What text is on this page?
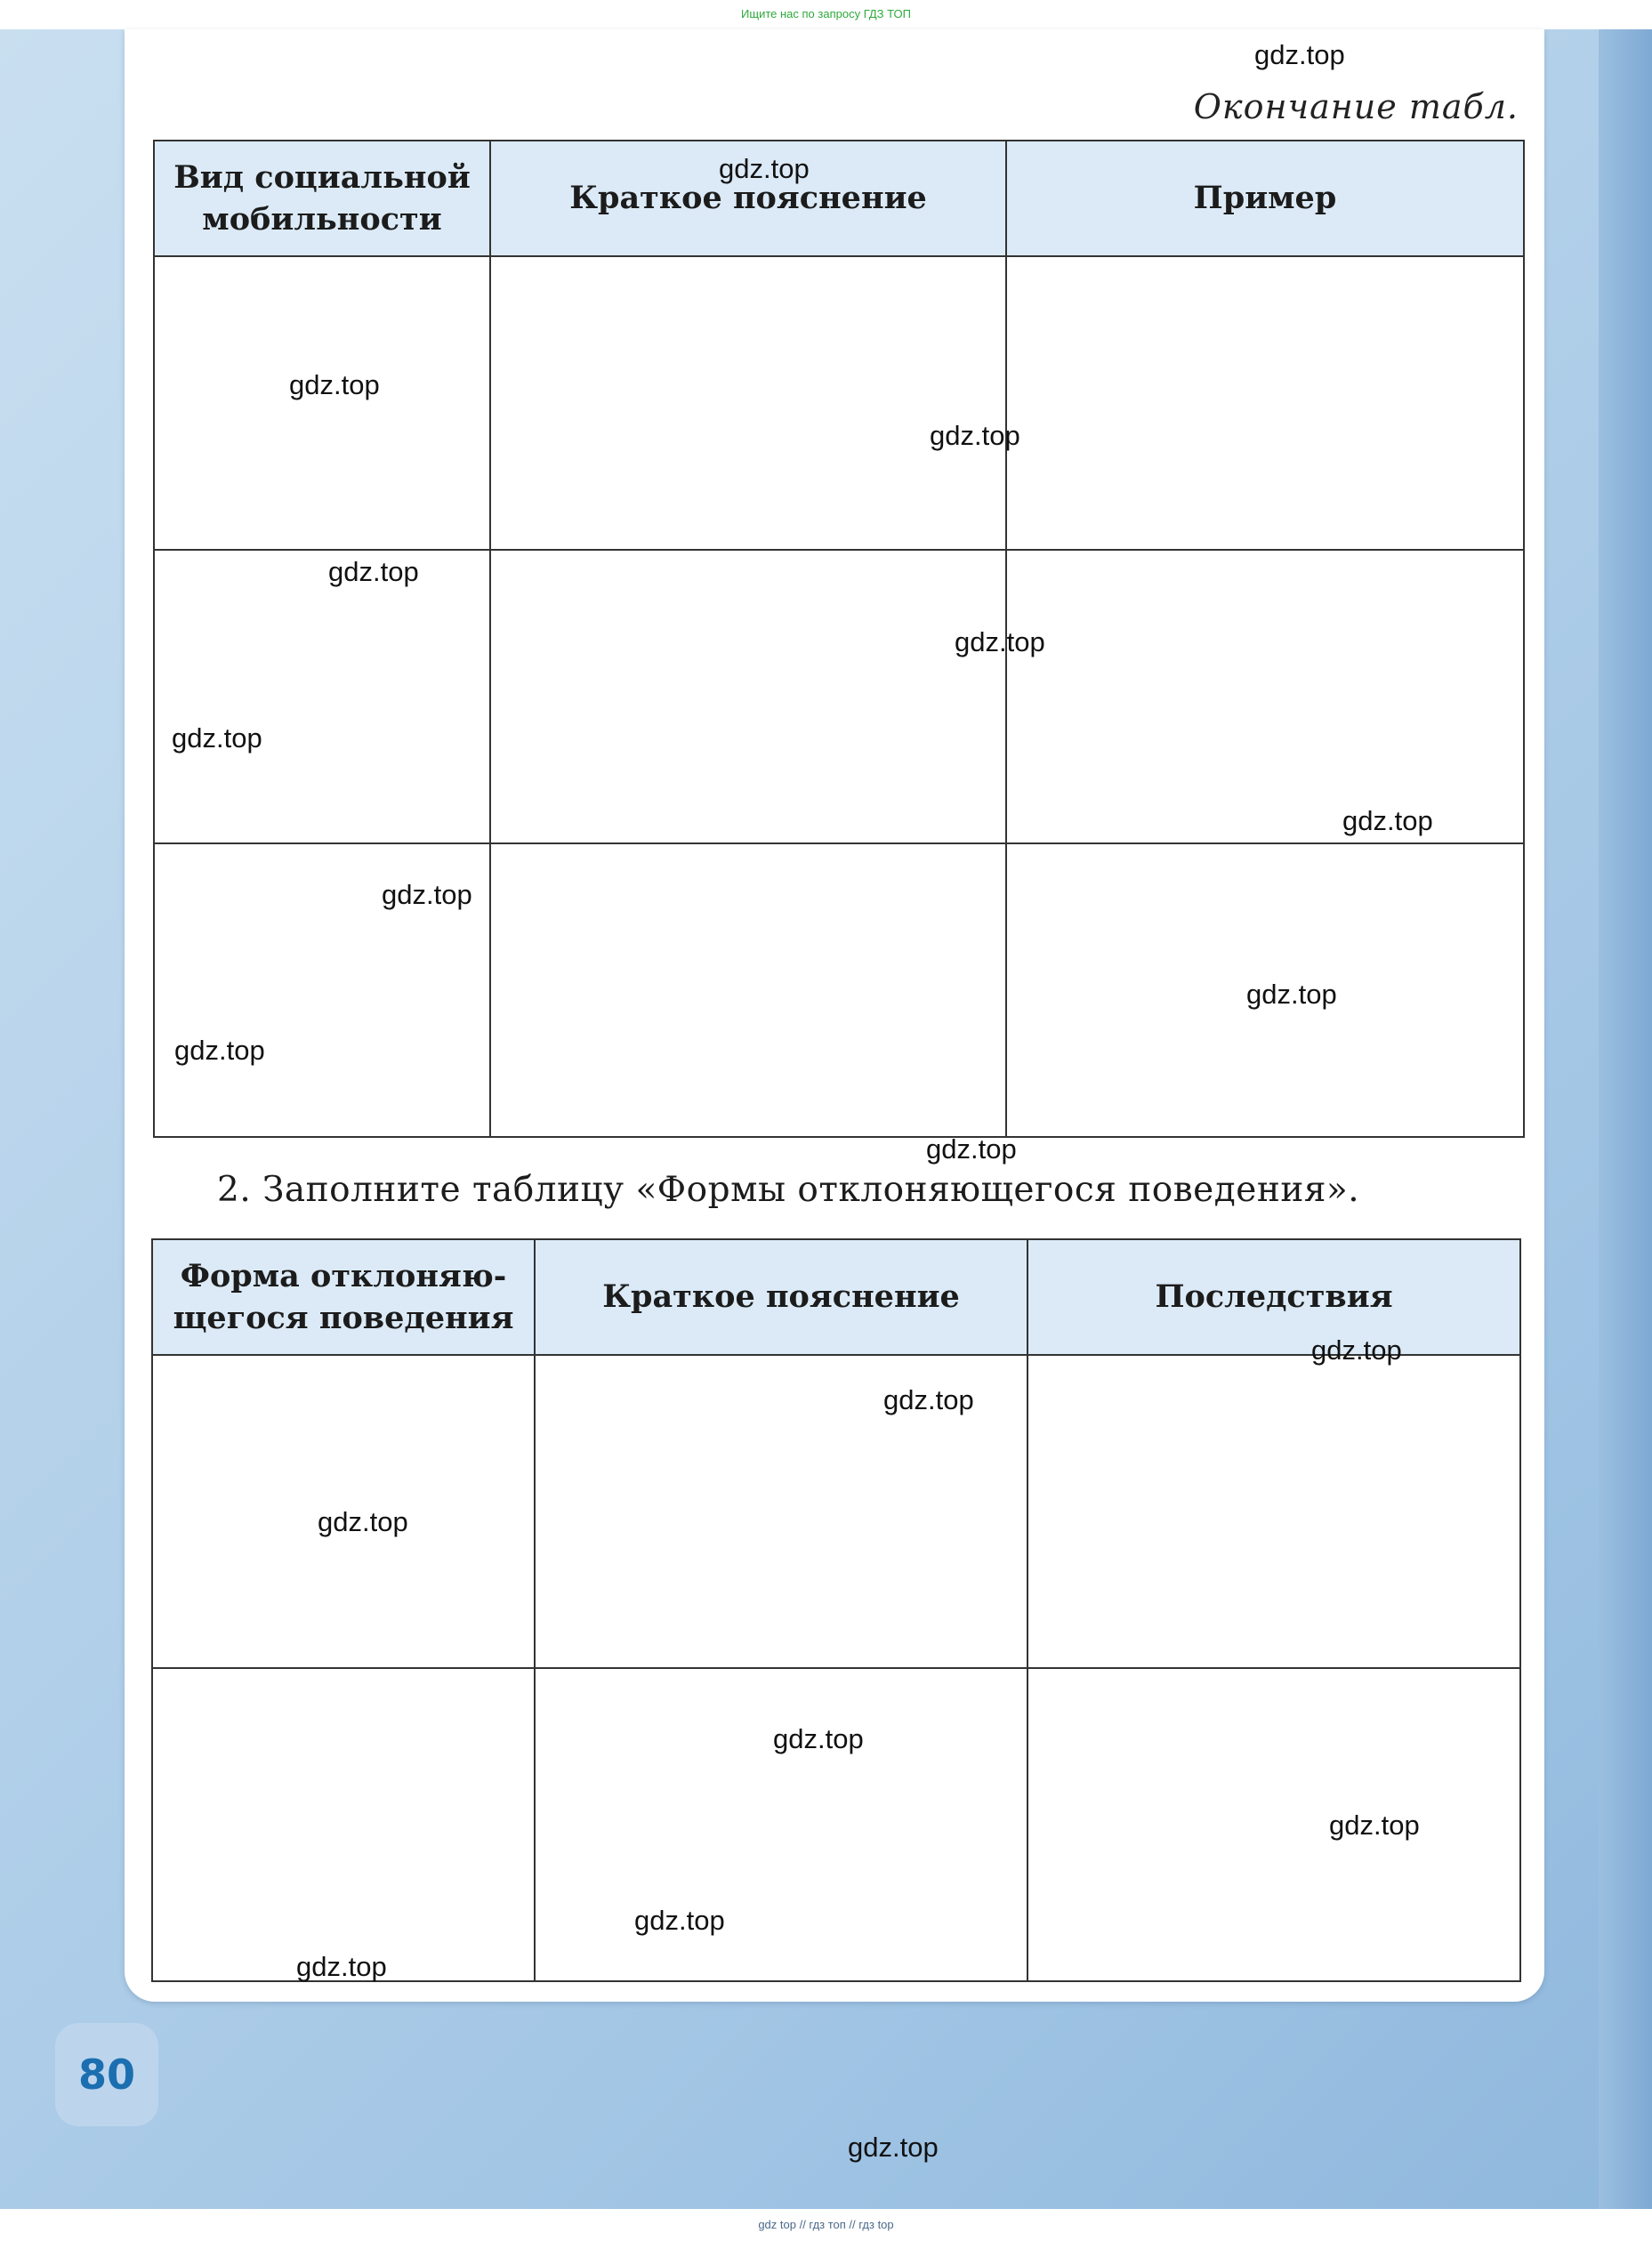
Ищите нас по запросу ГДЗ ТОП
Окончание табл.
Вид социальной мобильности	Краткое пояснение	Пример

2. Заполните таблицу «Формы отклоняющегося поведения».
Форма отклоняю-щегося поведения	Краткое пояснение	Последствия

gdz.top
gdz.top
gdz.top
gdz.top
gdz.top
gdz.top
gdz.top
gdz.top
gdz.top
gdz.top
gdz.top
gdz.top
gdz.top
gdz.top
gdz.top
gdz.top
gdz.top
gdz.top
gdz.top
gdz.top
80
gdz top // гдз топ // гдз top
